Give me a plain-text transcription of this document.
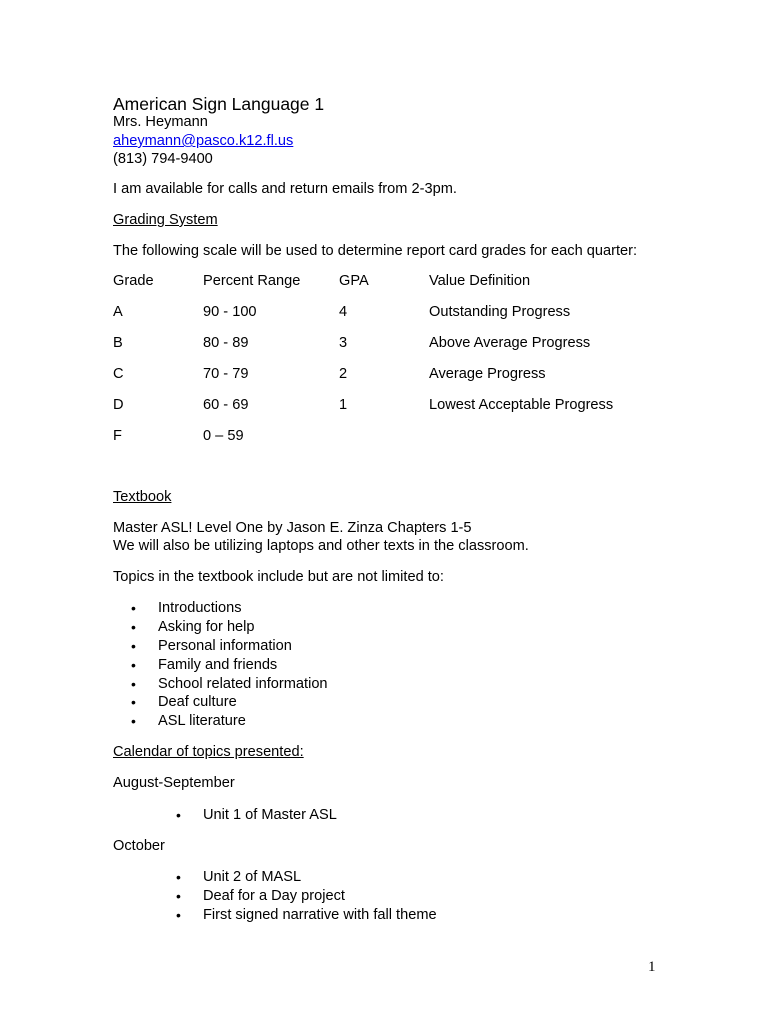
American Sign Language 1
Mrs. Heymann
aheymann@pasco.k12.fl.us
(813) 794-9400
I am available for calls and return emails from 2-3pm.
Grading System
The following scale will be used to determine report card grades for each quarter:
Grade	Percent Range	GPA	Value Definition
A	90 - 100	4	Outstanding Progress
B	80 - 89	3	Above Average Progress
C	70 - 79	2	Average Progress
D	60 - 69	1	Lowest Acceptable Progress
F	0 – 59
Textbook
Master ASL! Level One by Jason E. Zinza Chapters 1-5
We will also be utilizing laptops and other texts in the classroom.
Topics in the textbook include but are not limited to:
• Introductions
• Asking for help
• Personal information
• Family and friends
• School related information
• Deaf culture
• ASL literature
Calendar of topics presented:
August-September
• Unit 1 of Master ASL
October
• Unit 2 of MASL
• Deaf for a Day project
• First signed narrative with fall theme
1
